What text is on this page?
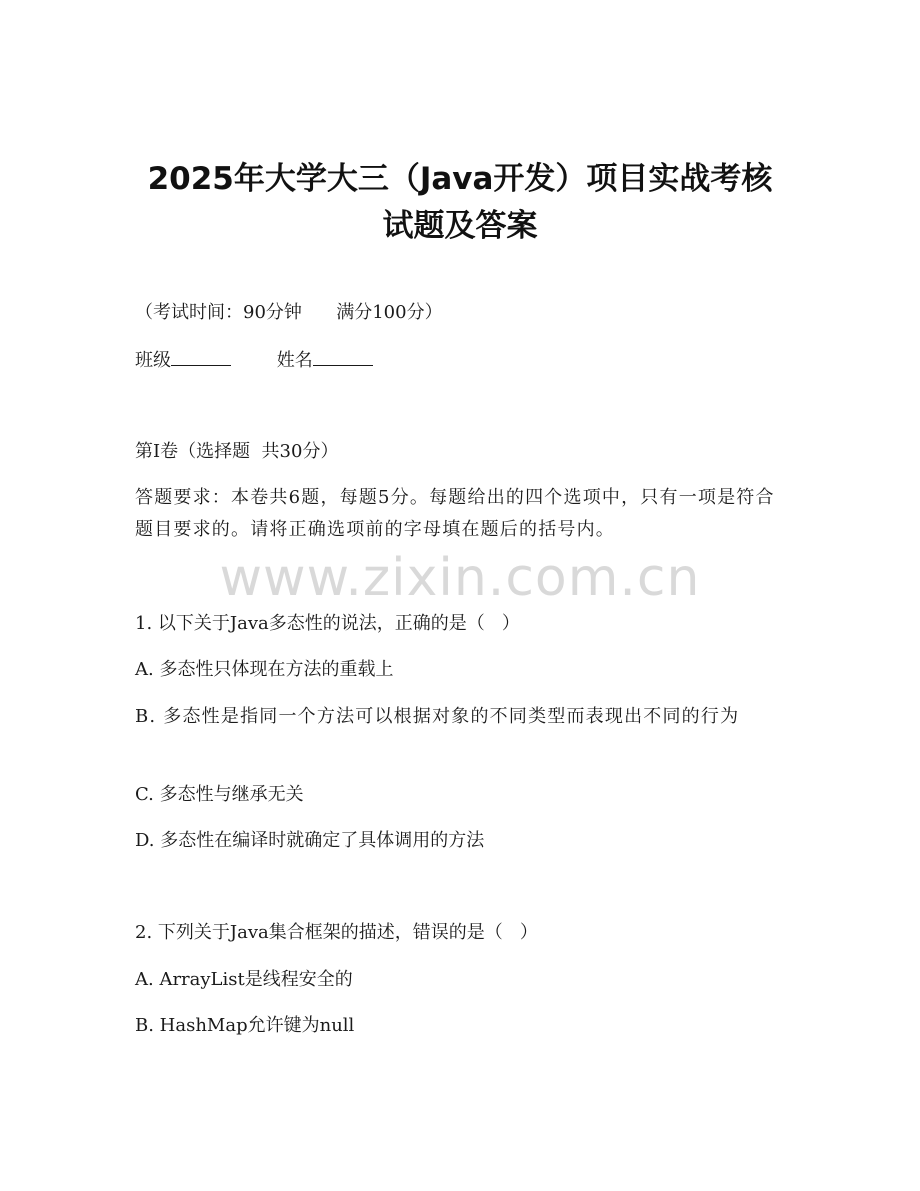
2025年大学大三（Java开发）项目实战考核
试题及答案
（考试时间：90分钟      满分100分）
班级	姓名
第I卷（选择题  共30分）
答题要求：本卷共6题，每题5分。每题给出的四个选项中，只有一项是符合题目要求的。请将正确选项前的字母填在题后的括号内。
www.zixin.com.cn
1. 以下关于Java多态性的说法，正确的是（   ）
A. 多态性只体现在方法的重载上
B. 多态性是指同一个方法可以根据对象的不同类型而表现出不同的行为
C. 多态性与继承无关
D. 多态性在编译时就确定了具体调用的方法
2. 下列关于Java集合框架的描述，错误的是（   ）
A. ArrayList是线程安全的
B. HashMap允许键为null
